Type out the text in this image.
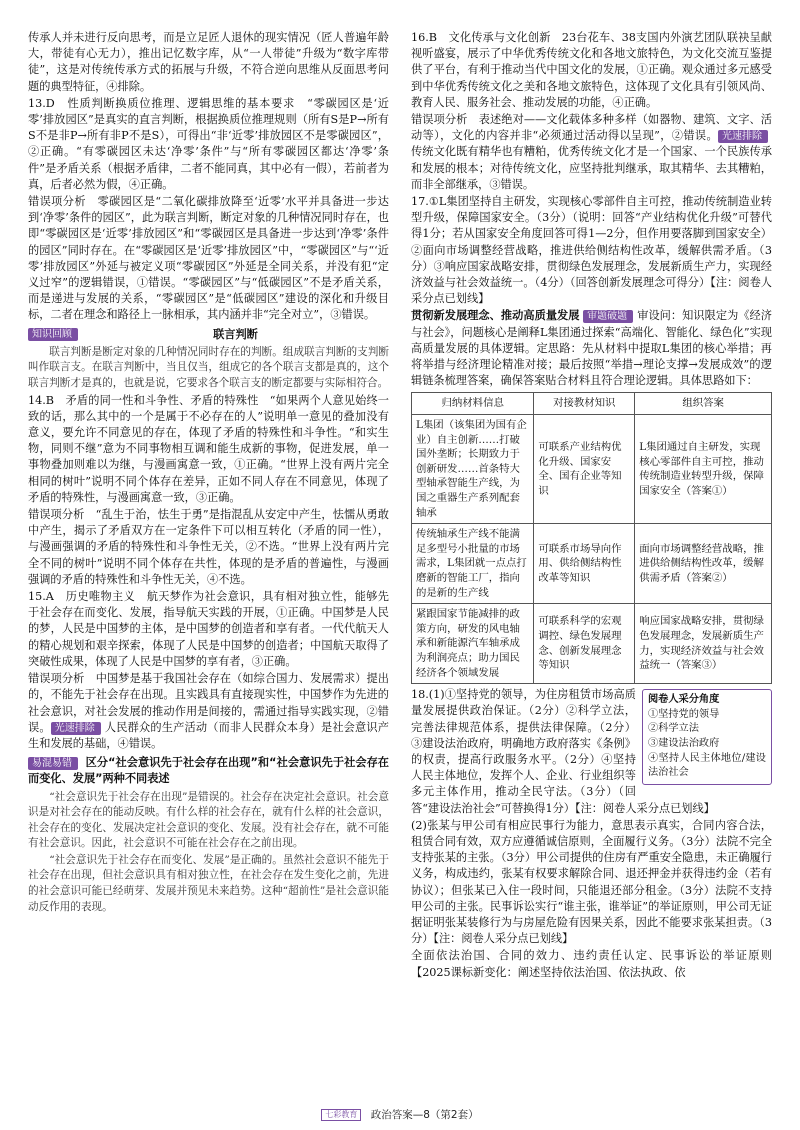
传承人并未进行反向思考，而是立足匠人退休的现实情况（匠人普遍年龄大，带徒有心无力），推出记忆数字库，从“一人带徒”升级为“数字库带徒”，这是对传统传承方式的拓展与升级，不符合逆向思维从反面思考问题的典型特征，④排除。

13.D　性质判断换质位推理、逻辑思维的基本要求　“零碳园区是‘近零’排放园区”是真实的直言判断，根据换质位推理规则（所有S是P→所有S不是非P→所有非P不是S），可得出“非‘近零’排放园区不是零碳园区”，②正确。“有零碳园区未达‘净零’条件”与“所有零碳园区都达‘净零’条件”是矛盾关系（根据矛盾律，二者不能同真，其中必有一假），若前者为真，后者必然为假，④正确。

错误项分析　零碳园区是“二氧化碳排放降至‘近零’水平并具备进一步达到‘净零’条件的园区”，此为联言判断，断定对象的几种情况同时存在，也即“零碳园区是‘近零’排放园区”和“零碳园区是具备进一步达到‘净零’条件的园区”同时存在。在“零碳园区是‘近零’排放园区”中，“零碳园区”与“‘近零’排放园区”外延与被定义项“零碳园区”外延是全同关系，并没有犯“定义过窄”的逻辑错误，①错误。“零碳园区”与“低碳园区”不是矛盾关系，而是递进与发展的关系，“零碳园区”是“低碳园区”建设的深化和升级目标，二者在理念和路径上一脉相承，其内涵并非“完全对立”，③错误。

知识回顾	联言判断

联言判断是断定对象的几种情况同时存在的判断。组成联言判断的支判断叫作联言支。在联言判断中，当且仅当，组成它的各个联言支都是真的，这个联言判断才是真的，也就是说，它要求各个联言支的断定都要与实际相符合。

14.B　矛盾的同一性和斗争性、矛盾的特殊性　“如果两个人意见始终一致的话，那么其中的一个是属于不必存在的人”说明单一意见的叠加没有意义，要允许不同意见的存在，体现了矛盾的特殊性和斗争性。“和实生物，同则不继”意为不同事物相互调和能生成新的事物，促进发展，单一事物叠加则难以为继，与漫画寓意一致，①正确。“世界上没有两片完全相同的树叶”说明不同个体存在差异，正如不同人存在不同意见，体现了矛盾的特殊性，与漫画寓意一致，③正确。

错误项分析　“乱生于治，怯生于勇”是指混乱从安定中产生，怯懦从勇敢中产生，揭示了矛盾双方在一定条件下可以相互转化（矛盾的同一性），与漫画强调的矛盾的特殊性和斗争性无关，②不选。“世界上没有两片完全不同的树叶”说明不同个体存在共性，体现的是矛盾的普遍性，与漫画强调的矛盾的特殊性和斗争性无关，④不选。

15.A　历史唯物主义　航天梦作为社会意识，具有相对独立性，能够先于社会存在而变化、发展，指导航天实践的开展，①正确。中国梦是人民的梦，人民是中国梦的主体，是中国梦的创造者和享有者。一代代航天人的精心规划和艰辛探索，体现了人民是中国梦的创造者；中国航天取得了突破性成果，体现了人民是中国梦的享有者，③正确。

错误项分析　中国梦是基于我国社会存在（如综合国力、发展需求）提出的，不能先于社会存在出现。且实践具有直接现实性，中国梦作为先进的社会意识，对社会发展的推动作用是间接的，需通过指导实践实现，②错误。 光速排除 人民群众的生产活动（而非人民群众本身）是社会意识产生和发展的基础，④错误。

易混易错 区分“社会意识先于社会存在出现”和“社会意识先于社会存在而变化、发展”两种不同表述

“社会意识先于社会存在出现”是错误的。社会存在决定社会意识。社会意识是对社会存在的能动反映。有什么样的社会存在，就有什么样的社会意识，社会存在的变化、发展决定社会意识的变化、发展。没有社会存在，就不可能有社会意识。因此，社会意识不可能在社会存在之前出现。

“社会意识先于社会存在而变化、发展”是正确的。虽然社会意识不能先于社会存在出现，但社会意识具有相对独立性，在社会存在发生变化之前，先进的社会意识可能已经萌芽、发展并预见未来趋势。这种“超前性”是社会意识能动反作用的表现。

16.B　文化传承与文化创新　23台花车、38支国内外演艺团队联袂呈献视听盛宴，展示了中华优秀传统文化和各地文旅特色，为文化交流互鉴提供了平台，有利于推动当代中国文化的发展，①正确。观众通过多元感受到中华优秀传统文化之美和各地文旅特色，这体现了文化具有引领风尚、教育人民、服务社会、推动发展的功能，④正确。

错误项分析　表述绝对——文化载体多种多样（如器物、建筑、文字、活动等），文化的内容并非“必须通过活动得以呈现”，②错误。 光速排除传统文化既有精华也有糟粕，优秀传统文化才是一个国家、一个民族传承和发展的根本；对待传统文化，应坚持批判继承，取其精华、去其糟粕，而非全部继承，③错误。

17.①L集团坚持自主研发，实现核心零部件自主可控，推动传统制造业转型升级，保障国家安全。（3分）（说明：回答“产业结构优化升级”可替代得1分；若从国家安全角度回答可得1—2分，但作用要落脚到国家安全）②面向市场调整经营战略，推进供给侧结构性改革，缓解供需矛盾。（3分）③响应国家战略安排，贯彻绿色发展理念，发展新质生产力，实现经济效益与社会效益统一。（4分）（回答创新发展理念可得分）【注：阅卷人采分点已划线】

贯彻新发展理念、推动高质量发展 审题破题 审设问：知识限定为《经济与社会》，问题核心是阐释L集团通过探索“高端化、智能化、绿色化”实现高质量发展的具体逻辑。定思路：先从材料中提取L集团的核心举措；再将举措与经济理论精准对接；最后按照“举措→理论支撑→发展成效”的逻辑链条梳理答案，确保答案贴合材料且符合理论逻辑。具体思路如下：

归纳材料信息	对接教材知识	组织答案
L集团（该集团为国有企业）自主创新……打破国外垄断；长期致力于创新研发……首条特大型轴承智能生产线，为国之重器生产系列配套轴承	可联系产业结构优化升级、国家安全、国有企业等知识	L集团通过自主研发，实现核心零部件自主可控，推动传统制造业转型升级，保障国家安全（答案①）
传统轴承生产线不能满足多型号小批量的市场需求，L集团就一点点打磨新的智能工厂，指向的是新的生产线	可联系市场导向作用、供给侧结构性改革等知识	面向市场调整经营战略，推进供给侧结构性改革，缓解供需矛盾（答案②）
紧跟国家节能减排的政策方向，研发的风电轴承和新能源汽车轴承成为利润亮点；助力国民经济各个领域发展	可联系科学的宏观调控、绿色发展理念、创新发展理念等知识	响应国家战略安排，贯彻绿色发展理念，发展新质生产力，实现经济效益与社会效益统一（答案③）
阅卷人采分角度
①坚持党的领导
②科学立法
③建设法治政府
④坚持人民主体地位/建设法治社会

18.(1)①坚持党的领导，为住房租赁市场高质量发展提供政治保证。（2分）②科学立法，完善法律规范体系，提供法律保障。（2分）③建设法治政府，明确地方政府落实《条例》的权责，提高行政服务水平。（2分）④坚持人民主体地位，发挥个人、企业、行业组织等多元主体作用，推动全民守法。（3分）（回答“建设法治社会”可替换得1分）【注：阅卷人采分点已划线】

(2)张某与甲公司有相应民事行为能力，意思表示真实，合同内容合法，租赁合同有效，双方应遵循诚信原则，全面履行义务。（3分）法院不完全支持张某的主张。（3分）甲公司提供的住房有严重安全隐患，未正确履行义务，构成违约，张某有权要求解除合同、退还押金并获得违约金（若有协议）；但张某已入住一段时间，只能退还部分租金。（3分）法院不支持甲公司的主张。民事诉讼实行“谁主张，谁举证”的举证原则，甲公司无证据证明张某装修行为与房屋危险有因果关系，因此不能要求张某担责。（3分）【注：阅卷人采分点已划线】

全面依法治国、合同的效力、违约责任认定、民事诉讼的举证原则　【2025课标新变化：阐述坚持依法治国、依法执政、依

七彩教育 政治答案—8（第2套）
